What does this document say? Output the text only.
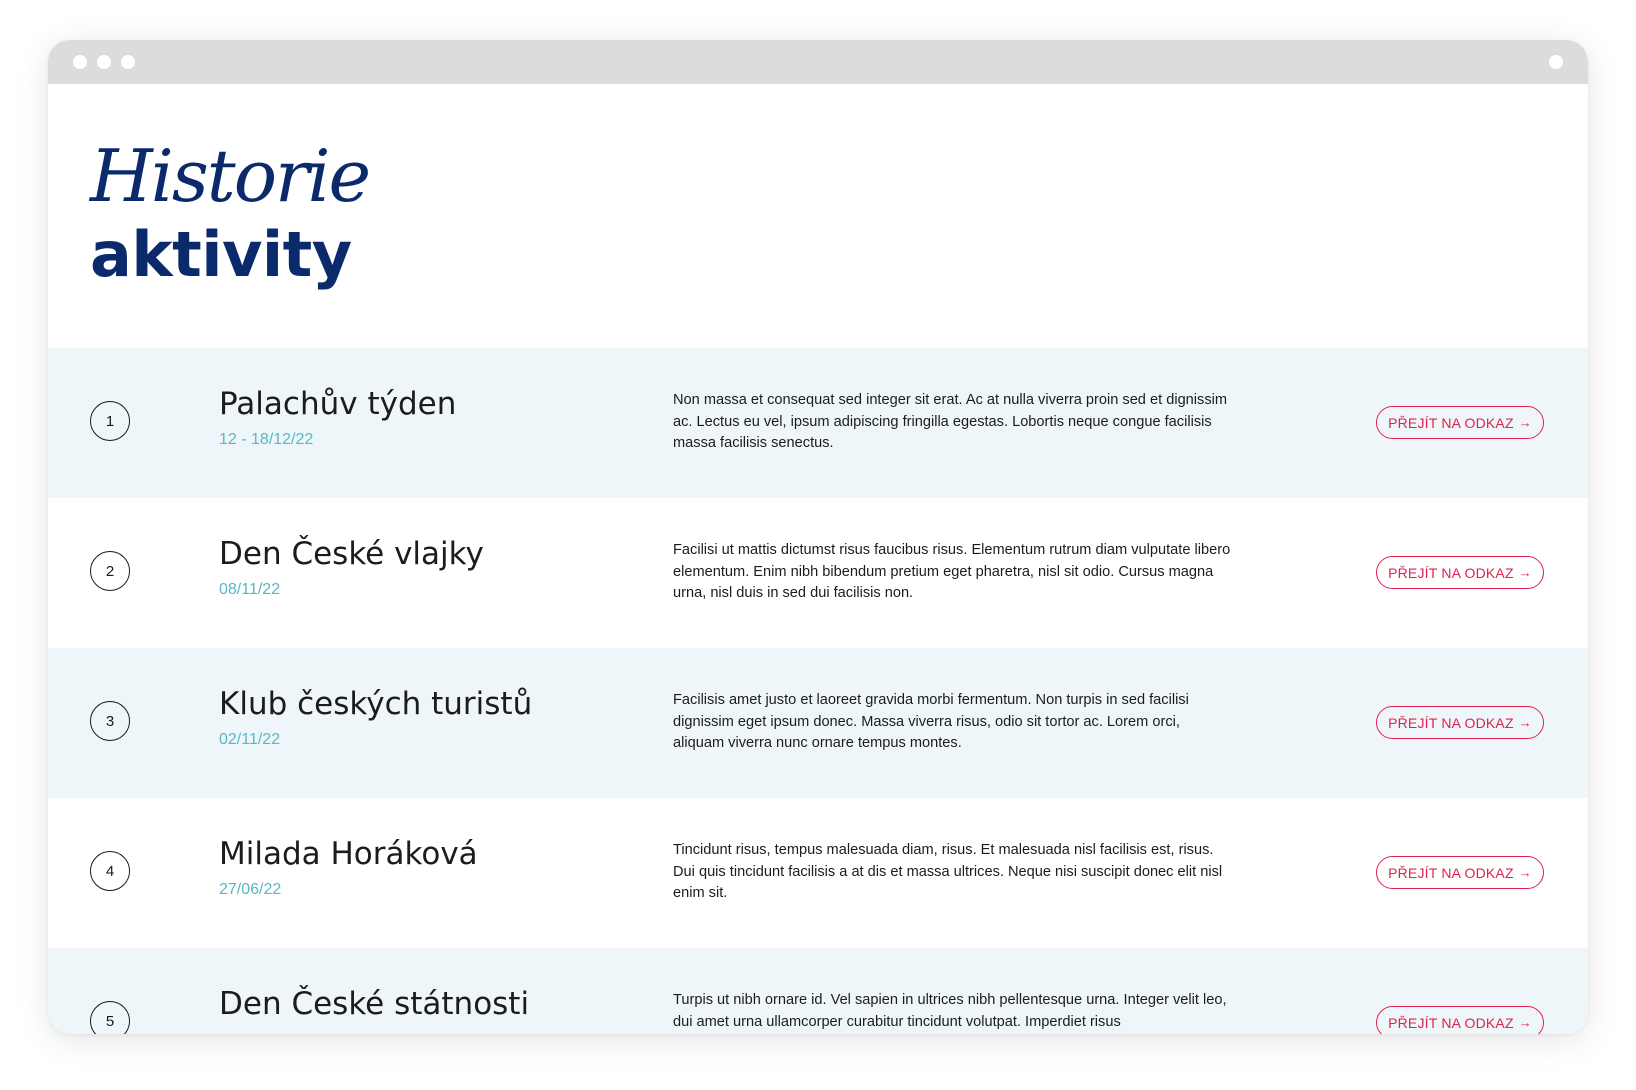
Historie
aktivity
1	Palachův týden
12 - 18/12/22

Non massa et consequat sed integer sit erat. Ac at nulla viverra proin sed et dignissim ac. Lectus eu vel, ipsum adipiscing fringilla egestas. Lobortis neque congue facilisis massa facilisis senectus.

PŘEJÍT NA ODKAZ →
2	Den České vlajky
08/11/22

Facilisi ut mattis dictumst risus faucibus risus. Elementum rutrum diam vulputate libero elementum. Enim nibh bibendum pretium eget pharetra, nisl sit odio. Cursus magna urna, nisl duis in sed dui facilisis non.

PŘEJÍT NA ODKAZ →
3	Klub českých turistů
02/11/22

Facilisis amet justo et laoreet gravida morbi fermentum. Non turpis in sed facilisi dignissim eget ipsum donec. Massa viverra risus, odio sit tortor ac. Lorem orci, aliquam viverra nunc ornare tempus montes.

PŘEJÍT NA ODKAZ →
4	Milada Horáková
27/06/22

Tincidunt risus, tempus malesuada diam, risus. Et malesuada nisl facilisis est, risus. Dui quis tincidunt facilisis a at dis et massa ultrices. Neque nisi suscipit donec elit nisl enim sit.

PŘEJÍT NA ODKAZ →
5	Den České státnosti	Turpis ut nibh ornare id. Vel sapien in ultrices nibh pellentesque urna. Integer velit leo, dui amet urna ullamcorper curabitur tincidunt volutpat. Imperdiet risus	PŘEJÍT NA ODKAZ →
